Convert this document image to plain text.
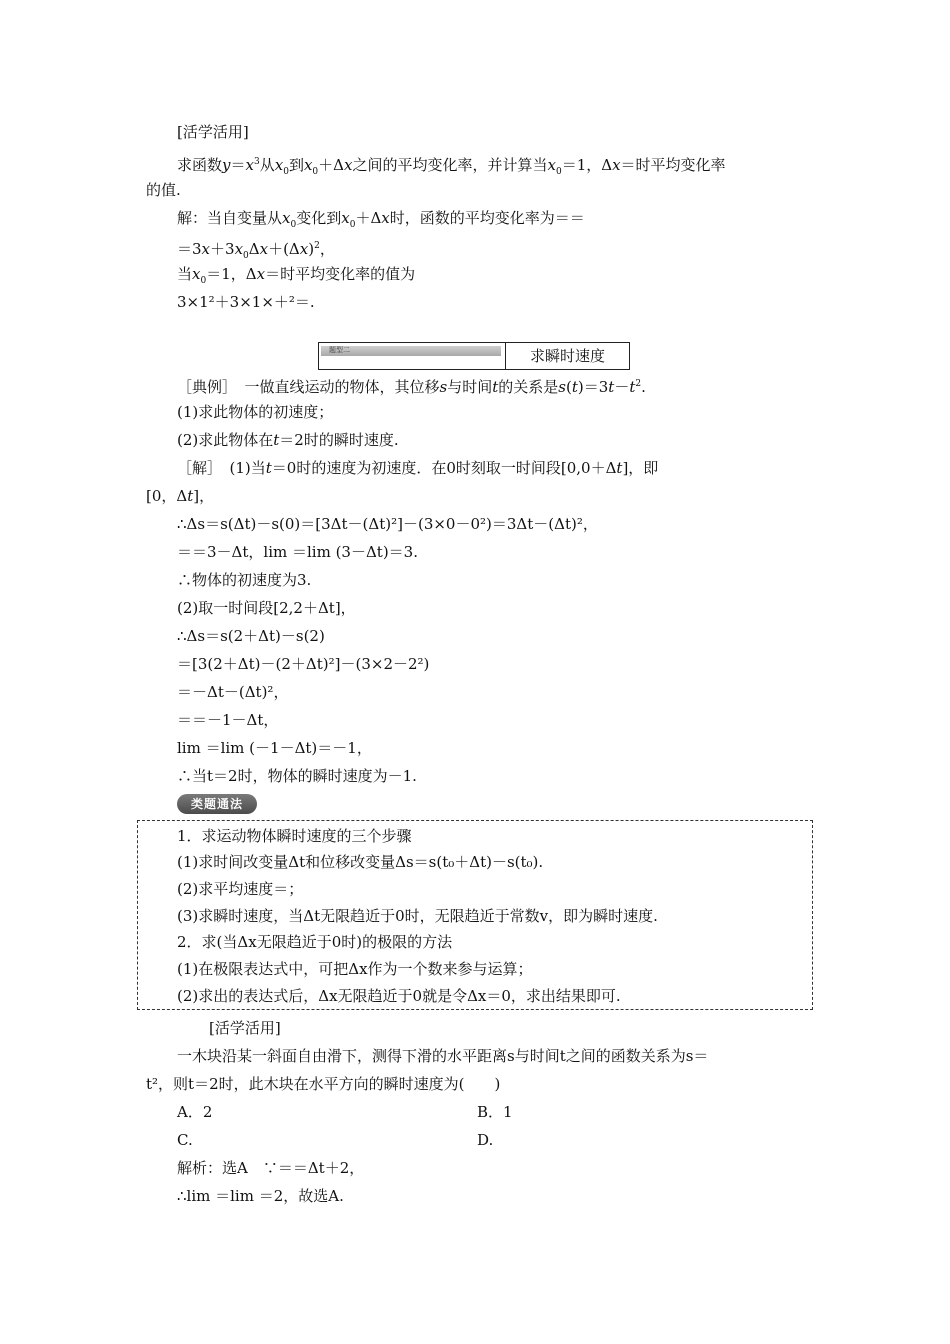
[活学活用]
求函数$y=x^3$从$x_0$到$x_0+\Delta x$之间的平均变化率，并计算当$x_0=1$，Δx＝时平均变化率
的值.
解：当自变量从$x_0$变化到$x_0+\Delta x$时，函数的平均变化率为＝＝
$=3x+3x_0\Delta x+(\Delta x)^2$，
当$x_0=1$，Δx＝时平均变化率的值为
3×1²＋3×1×＋²＝.
题型二	求瞬时速度
［典例］　一做直线运动的物体，其位移s与时间t的关系是$s(t)=3t-t^2$.
(1)求此物体的初速度；
(2)求此物体在t＝2时的瞬时速度.
［解］　(1)当t＝0时的速度为初速度．在0时刻取一时间段[0,0＋Δt]，即
[0，Δt]，
∴Δs＝s(Δt)－s(0)＝[3Δt－(Δt)²]－(3×0－0²)＝3Δt－(Δt)²，
＝＝3－Δt，lim ＝lim (3－Δt)＝3.
∴物体的初速度为3.
(2)取一时间段[2,2＋Δt]，
∴Δs＝s(2＋Δt)－s(2)
＝[3(2＋Δt)－(2＋Δt)²]－(3×2－2²)
＝－Δt－(Δt)²，
＝＝－1－Δt，
lim ＝lim (－1－Δt)＝－1，
∴当t＝2时，物体的瞬时速度为－1.
类题通法
1．求运动物体瞬时速度的三个步骤
(1)求时间改变量Δt和位移改变量Δs＝s(t₀＋Δt)－s(t₀).
(2)求平均速度＝；
(3)求瞬时速度，当Δt无限趋近于0时，无限趋近于常数v，即为瞬时速度.
2．求(当Δx无限趋近于0时)的极限的方法
(1)在极限表达式中，可把Δx作为一个数来参与运算；
(2)求出的表达式后，Δx无限趋近于0就是令Δx＝0，求出结果即可.
[活学活用]
一木块沿某一斜面自由滑下，测得下滑的水平距离s与时间t之间的函数关系为s＝
t²，则t＝2时，此木块在水平方向的瞬时速度为(　　)
A．2	B．1
C.	D.
解析：选A　∵＝＝Δt＋2，
∴lim ＝lim ＝2，故选A.
